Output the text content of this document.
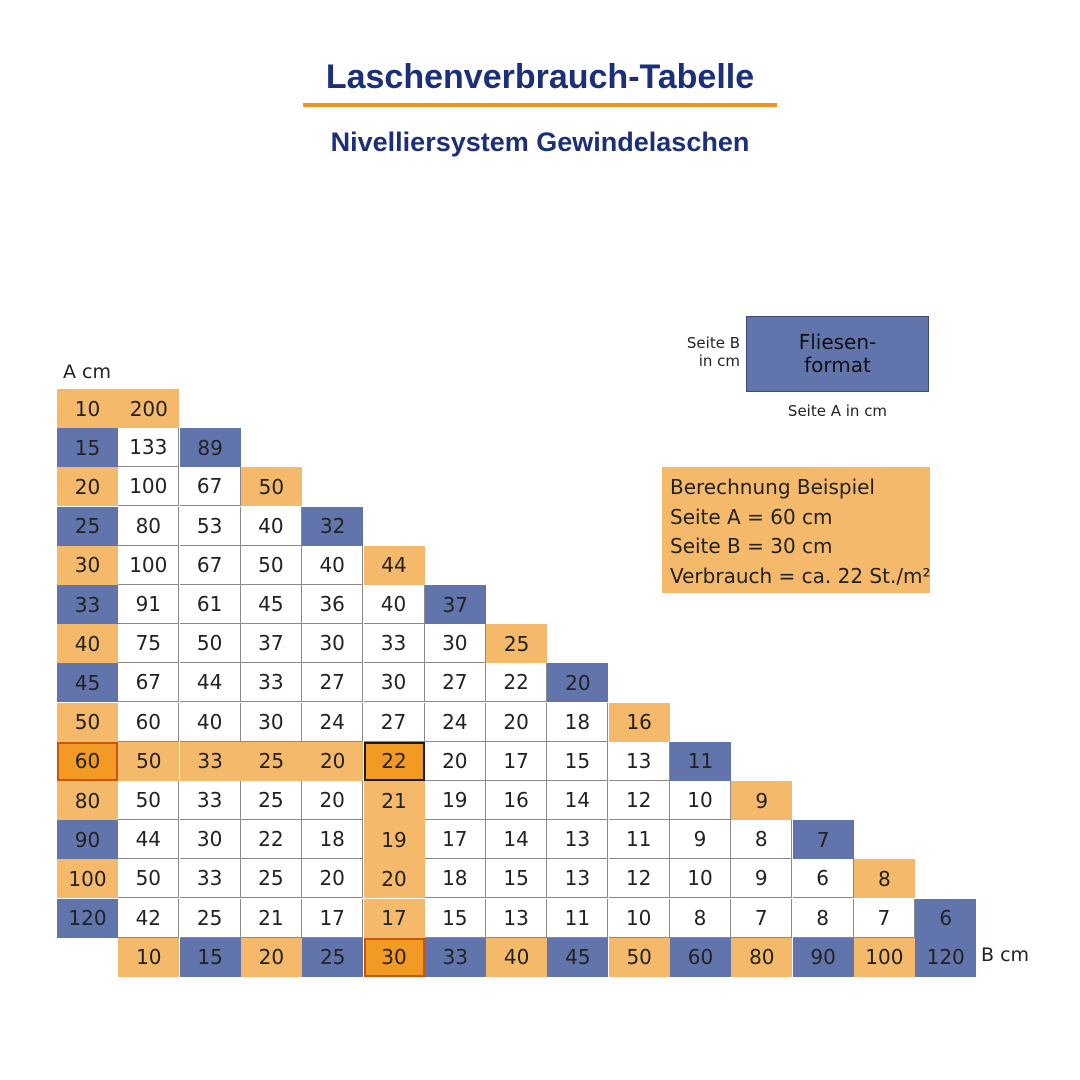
Laschenverbrauch-Tabelle
Nivelliersystem Gewindelaschen
A cm
B cm
10	200
15	133	89
20	100	67	50
25	80	53	40	32
30	100	67	50	40	44
33	91	61	45	36	40	37
40	75	50	37	30	33	30	25
45	67	44	33	27	30	27	22	20
50	60	40	30	24	27	24	20	18	16
60	50	33	25	20	22	20	17	15	13	11
80	50	33	25	20	21	19	16	14	12	10	9
90	44	30	22	18	19	17	14	13	11	9	8	7
100	50	33	25	20	20	18	15	13	12	10	9	6	8
120	42	25	21	17	17	15	13	11	10	8	7	8	7	6
10	15	20	25	30	33	40	45	50	60	80	90	100	120
Seite B
in cm
Fliesen-
format
Seite A in cm
Berechnung Beispiel
Seite A = 60 cm
Seite B = 30 cm
Verbrauch = ca. 22 St./m²
